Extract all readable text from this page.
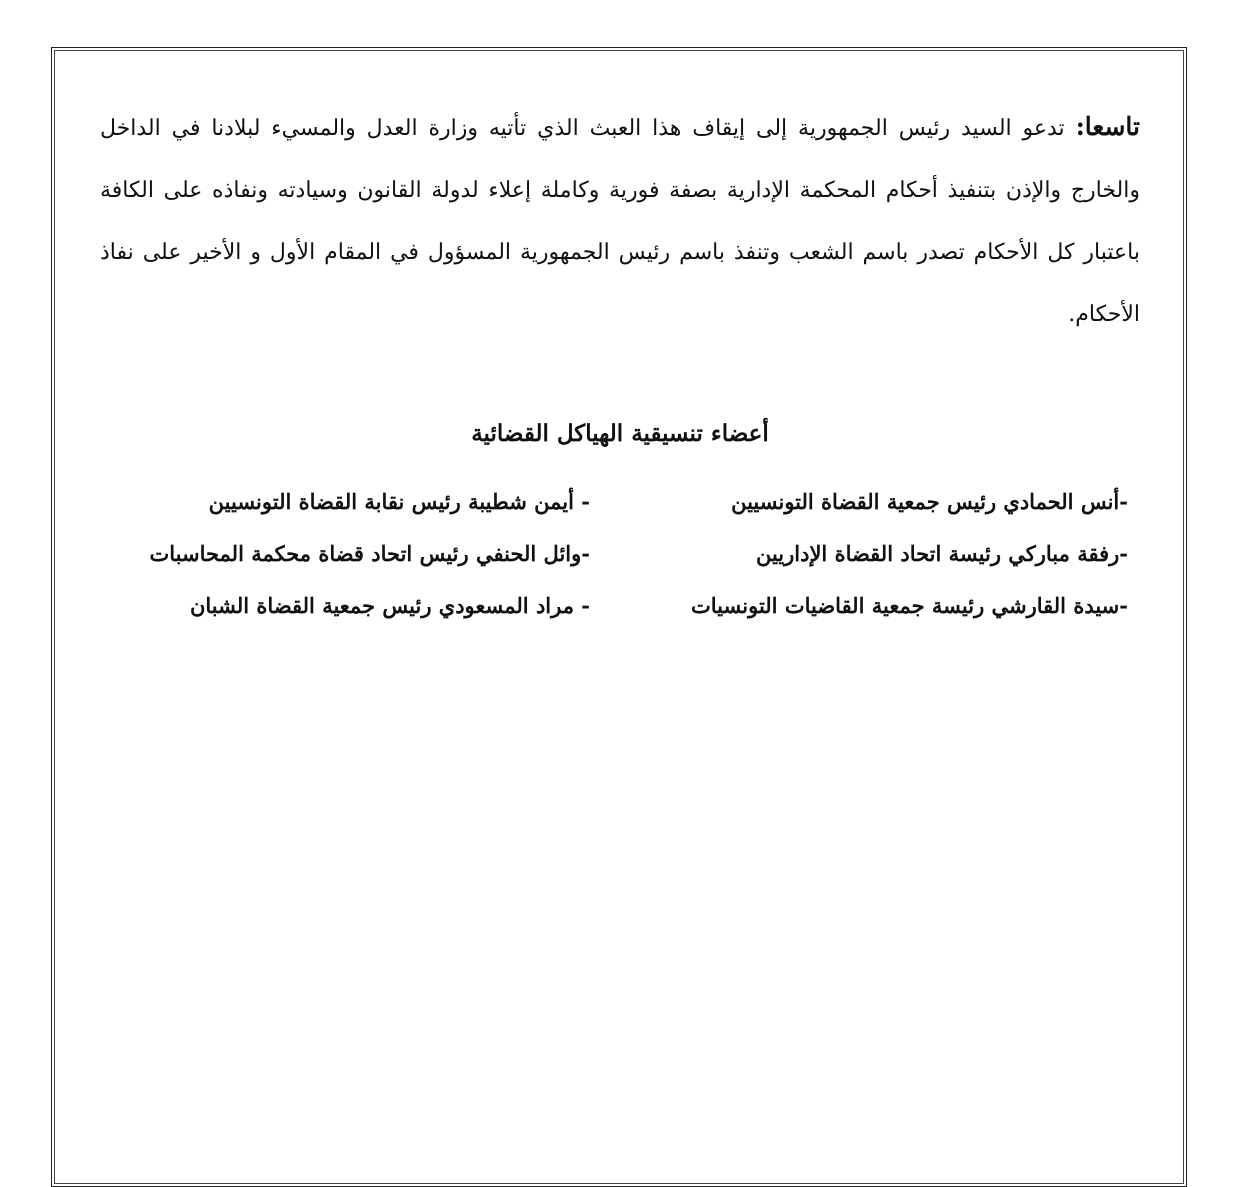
تاسعا: تدعو السيد رئيس الجمهورية إلى إيقاف هذا العبث الذي تأتيه وزارة العدل والمسيء لبلادنا في الداخل والخارج والإذن بتنفيذ أحكام المحكمة الإدارية بصفة فورية وكاملة إعلاء لدولة القانون وسيادته ونفاذه على الكافة باعتبار كل الأحكام تصدر باسم الشعب وتنفذ باسم رئيس الجمهورية المسؤول في المقام الأول و الأخير على نفاذ الأحكام.

أعضاء تنسيقية الهياكل القضائية
-أنس الحمادي رئيس جمعية القضاة التونسيين
- أيمن شطيبة رئيس نقابة القضاة التونسيين
-رفقة مباركي رئيسة اتحاد القضاة الإداريين
-وائل الحنفي رئيس اتحاد قضاة محكمة المحاسبات
-سيدة القارشي رئيسة جمعية القاضيات التونسيات
- مراد المسعودي رئيس جمعية القضاة الشبان
